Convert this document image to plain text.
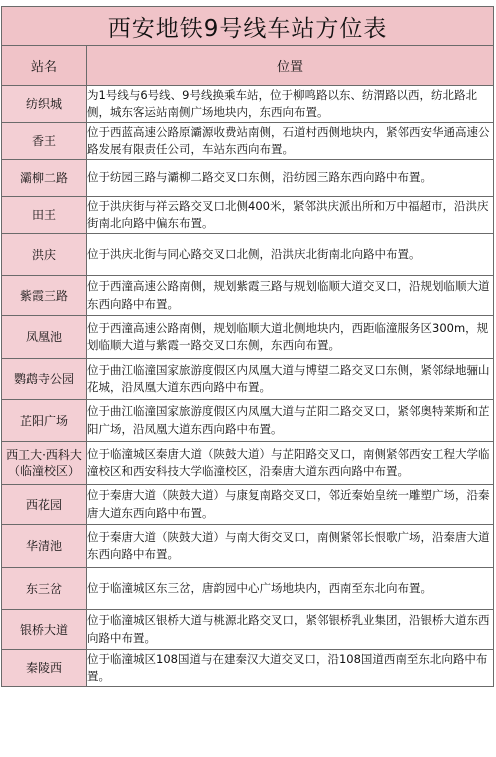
西安地铁9号线车站方位表	
站名	位置
纺织城	为1号线与6号线、9号线换乘车站，位于柳鸣路以东、纺渭路以西，纺北路北侧，城东客运站南侧广场地块内，东西向布置。
香王	位于西蓝高速公路原灞源收费站南侧，石道村西侧地块内，紧邻西安华通高速公路发展有限责任公司，车站东西向布置。
灞柳二路	位于纺园三路与灞柳二路交叉口东侧，沿纺园三路东西向路中布置。
田王	位于洪庆街与祥云路交叉口北侧400米，紧邻洪庆派出所和万中福超市，沿洪庆街南北向路中偏东布置。
洪庆	位于洪庆北街与同心路交叉口北侧，沿洪庆北街南北向路中布置。
紫霞三路	位于西潼高速公路南侧，规划紫霞三路与规划临顺大道交叉口，沿规划临顺大道东西向路中布置。
凤凰池	位于西潼高速公路南侧，规划临顺大道北侧地块内，西距临潼服务区300m，规划临顺大道与紫霞一路交叉口东侧，东西向布置。
鹦鹉寺公园	位于曲江临潼国家旅游度假区内凤凰大道与博望二路交叉口东侧，紧邻绿地骊山花城，沿凤凰大道东西向路中布置。
芷阳广场	位于曲江临潼国家旅游度假区内凤凰大道与芷阳二路交叉口，紧邻奥特莱斯和芷阳广场，沿凤凰大道东西向路中布置。
西工大·西科大（临潼校区）	位于临潼城区秦唐大道（陕鼓大道）与芷阳路交叉口，南侧紧邻西安工程大学临潼校区和西安科技大学临潼校区，沿秦唐大道东西向路中布置。
西花园	位于秦唐大道（陕鼓大道）与康复南路交叉口，邻近秦始皇统一雕塑广场，沿秦唐大道东西向路中布置。
华清池	位于秦唐大道（陕鼓大道）与南大街交叉口，南侧紧邻长恨歌广场，沿秦唐大道东西向路中布置。
东三岔	位于临潼城区东三岔，唐韵园中心广场地块内，西南至东北向布置。
银桥大道	位于临潼城区银桥大道与桃源北路交叉口，紧邻银桥乳业集团，沿银桥大道东西向路中布置。
秦陵西	位于临潼城区108国道与在建秦汉大道交叉口，沿108国道西南至东北向路中布置。
